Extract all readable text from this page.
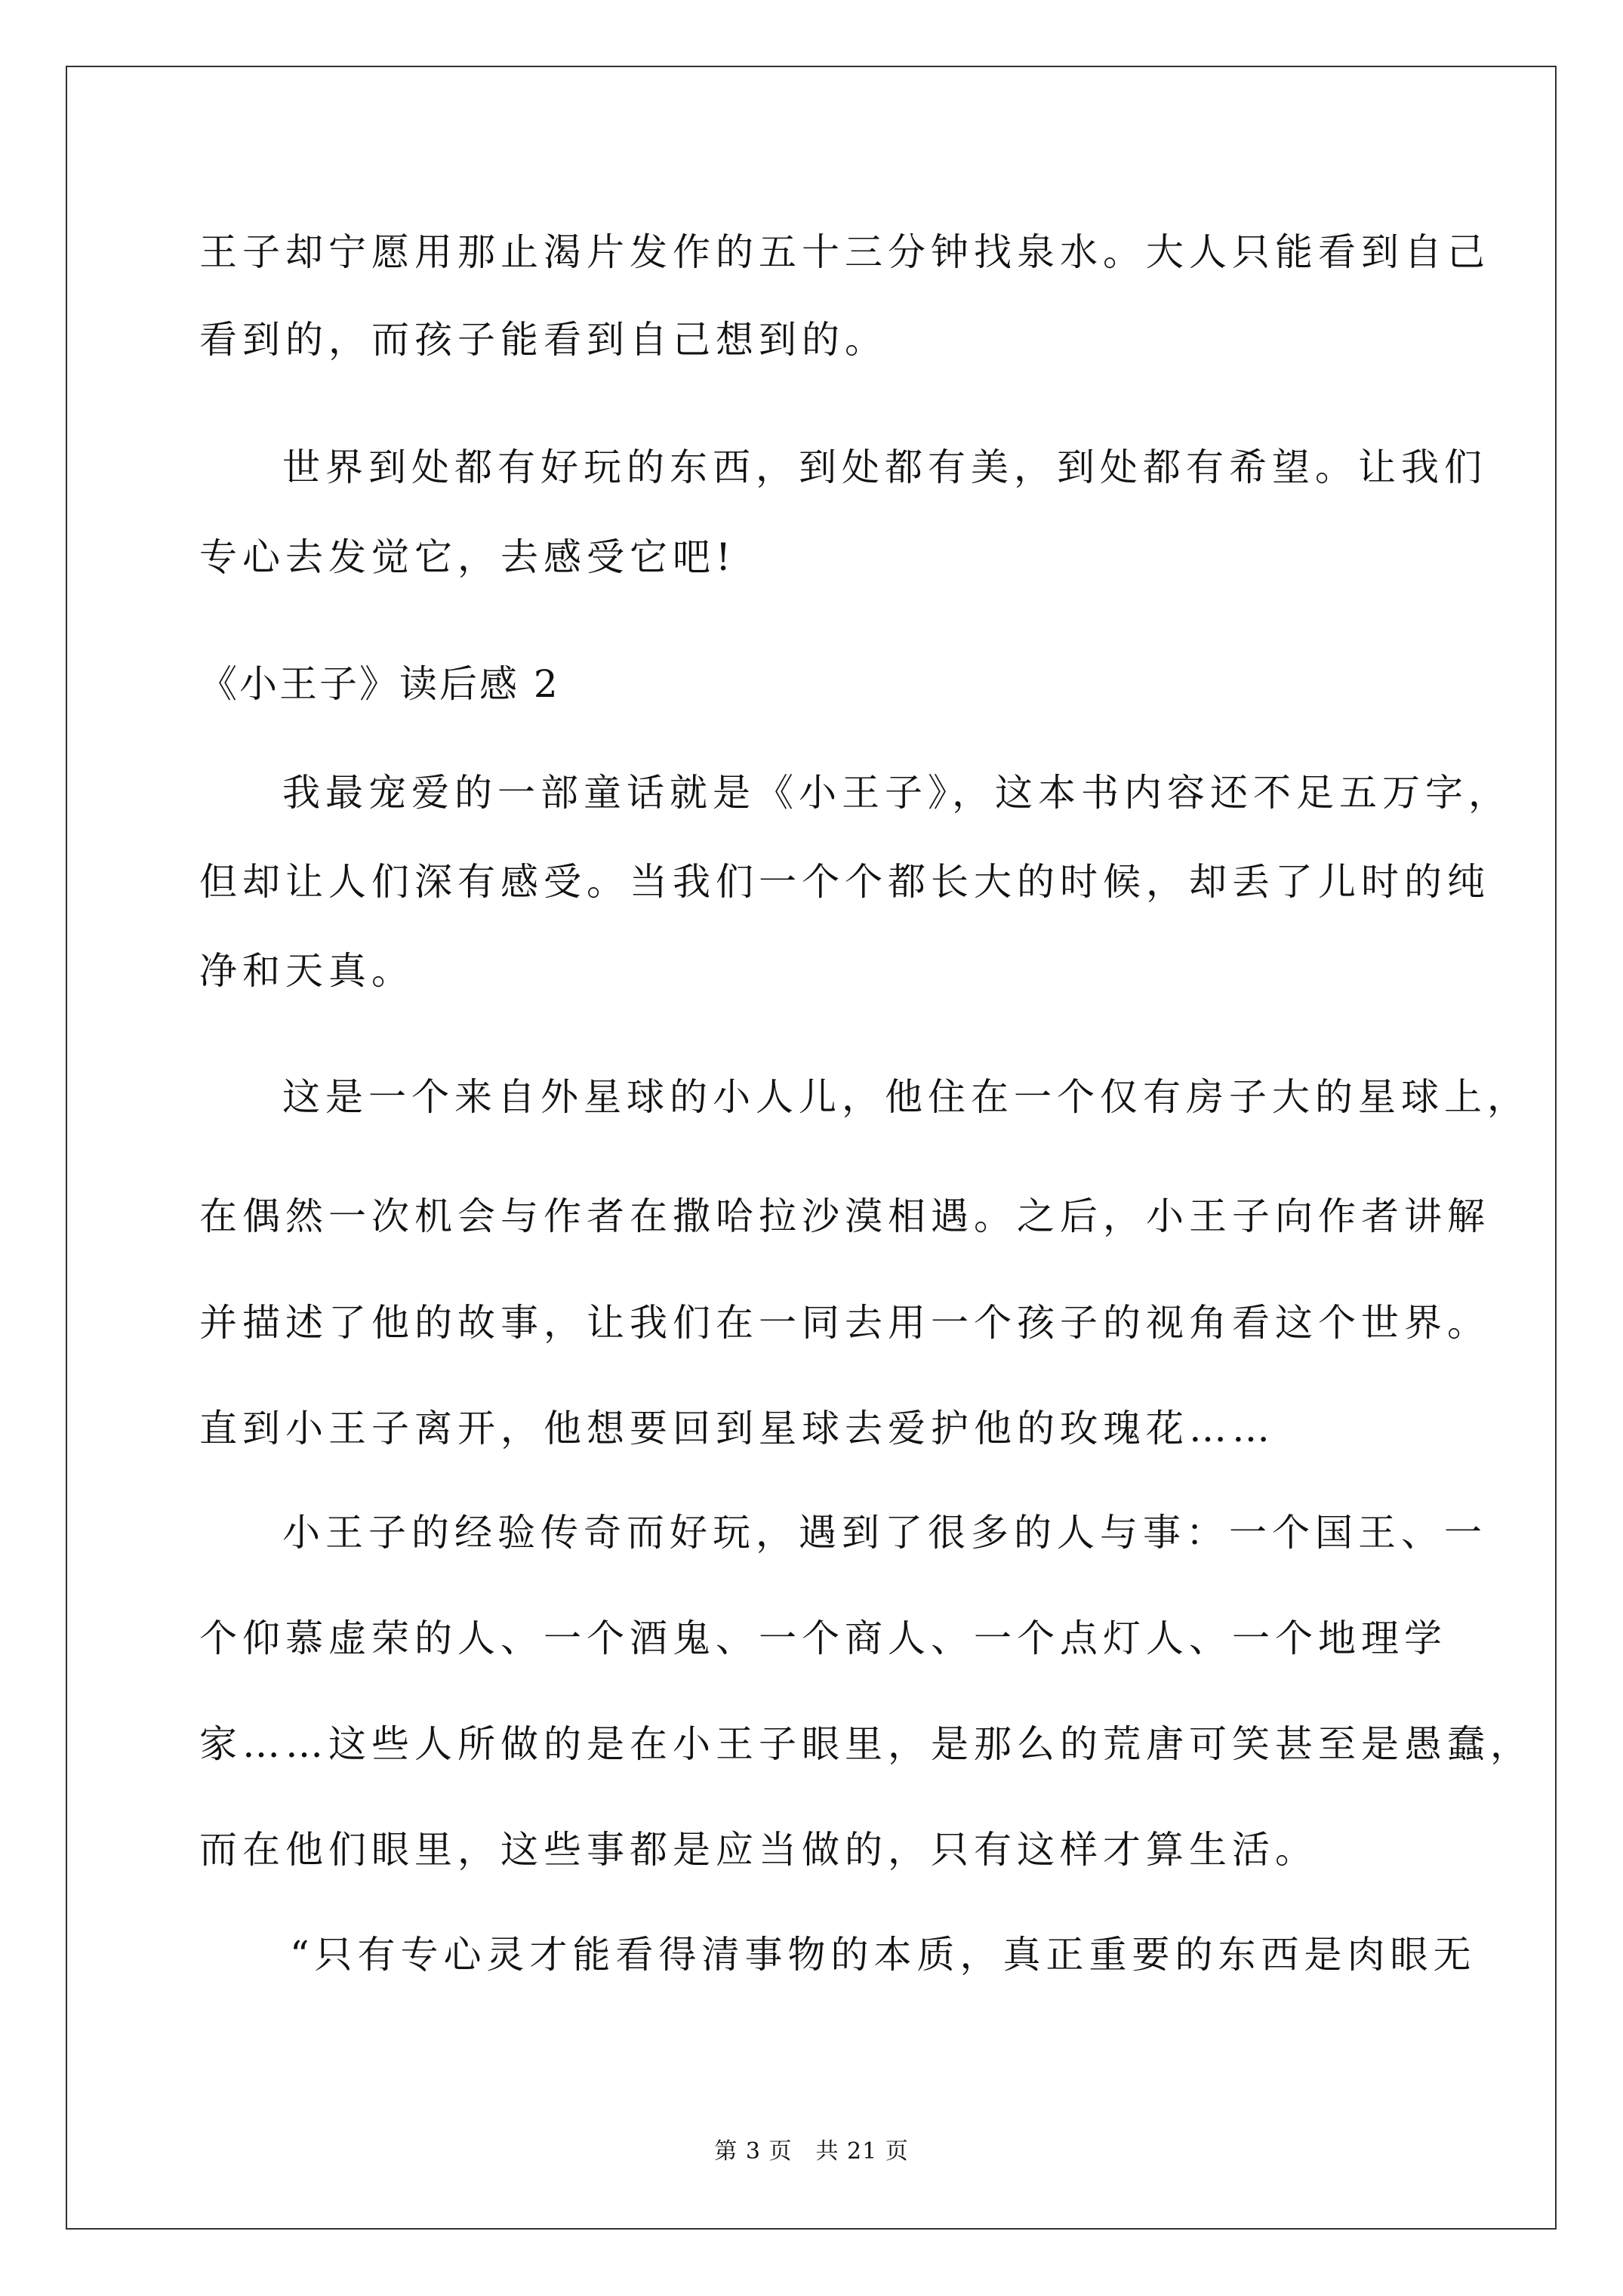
王子却宁愿用那止渴片发作的五十三分钟找泉水。大人只能看到自己
看到的，而孩子能看到自己想到的。
世界到处都有好玩的东西，到处都有美，到处都有希望。让我们
专心去发觉它，去感受它吧!
《小王子》读后感 2
我最宠爱的一部童话就是《小王子》，这本书内容还不足五万字，
但却让人们深有感受。当我们一个个都长大的时候，却丢了儿时的纯
净和天真。
这是一个来自外星球的小人儿，他住在一个仅有房子大的星球上，
在偶然一次机会与作者在撒哈拉沙漠相遇。之后，小王子向作者讲解
并描述了他的故事，让我们在一同去用一个孩子的视角看这个世界。
直到小王子离开，他想要回到星球去爱护他的玫瑰花……
小王子的经验传奇而好玩，遇到了很多的人与事：一个国王、一
个仰慕虚荣的人、一个酒鬼、一个商人、一个点灯人、一个地理学
家……这些人所做的是在小王子眼里，是那么的荒唐可笑甚至是愚蠢，
而在他们眼里，这些事都是应当做的，只有这样才算生活。
“只有专心灵才能看得清事物的本质，真正重要的东西是肉眼无
第 3 页　共 21 页
